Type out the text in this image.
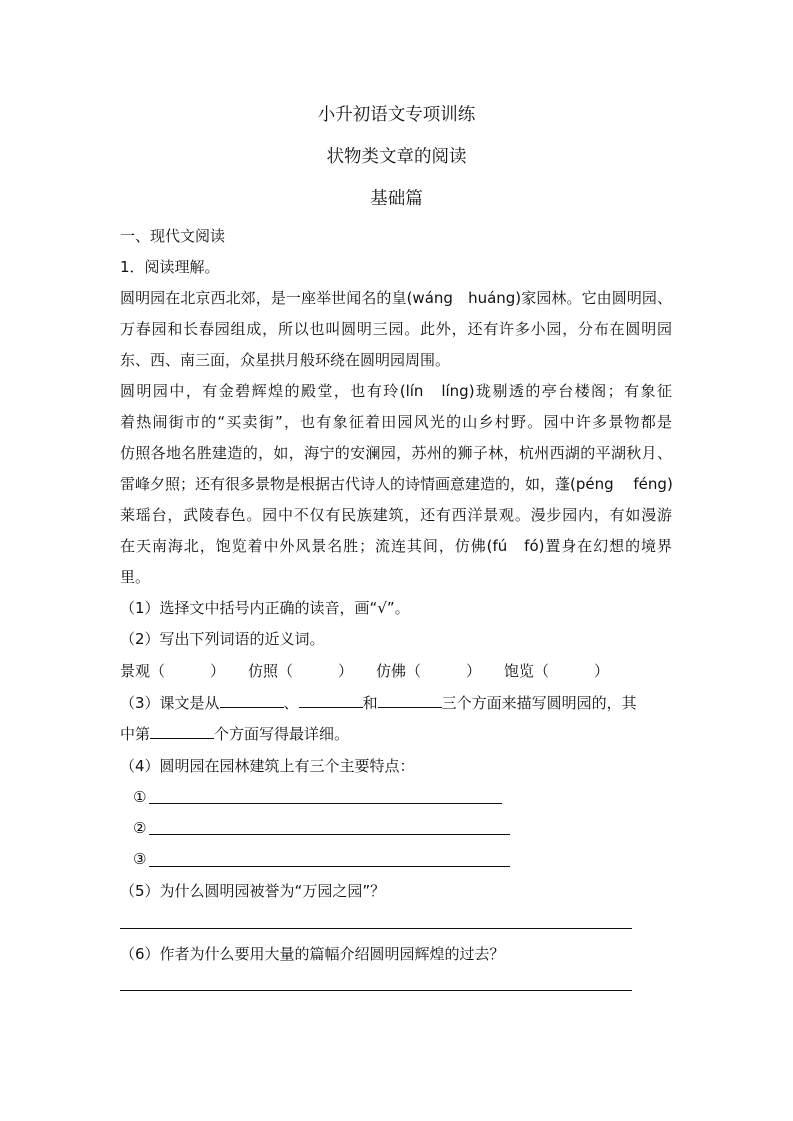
小升初语文专项训练
状物类文章的阅读
基础篇
一、现代文阅读
1．阅读理解。
圆明园在北京西北郊，是一座举世闻名的皇(wáng　huáng)家园林。它由圆明园、
万春园和长春园组成，所以也叫圆明三园。此外，还有许多小园，分布在圆明园
东、西、南三面，众星拱月般环绕在圆明园周围。
圆明园中，有金碧辉煌的殿堂，也有玲(lín　líng)珑剔透的亭台楼阁；有象征
着热闹街市的“买卖街”，也有象征着田园风光的山乡村野。园中许多景物都是
仿照各地名胜建造的，如，海宁的安澜园，苏州的狮子林，杭州西湖的平湖秋月、
雷峰夕照；还有很多景物是根据古代诗人的诗情画意建造的，如，蓬(péng　 féng)
莱瑶台，武陵春色。园中不仅有民族建筑，还有西洋景观。漫步园内，有如漫游
在天南海北，饱览着中外风景名胜；流连其间，仿佛(fú　fó)置身在幻想的境界
里。
（1）选择文中括号内正确的读音，画“√”。
（2）写出下列词语的近义词。
景观（　　　） 仿照（　　　） 仿佛（　　　） 饱览（　　　）
（3）课文是从	、	和	三个方面来描写圆明园的，其
中第	个方面写得最详细。
（4）圆明园在园林建筑上有三个主要特点：
①
②
③
（5）为什么圆明园被誉为“万园之园”？
（6）作者为什么要用大量的篇幅介绍圆明园辉煌的过去？
